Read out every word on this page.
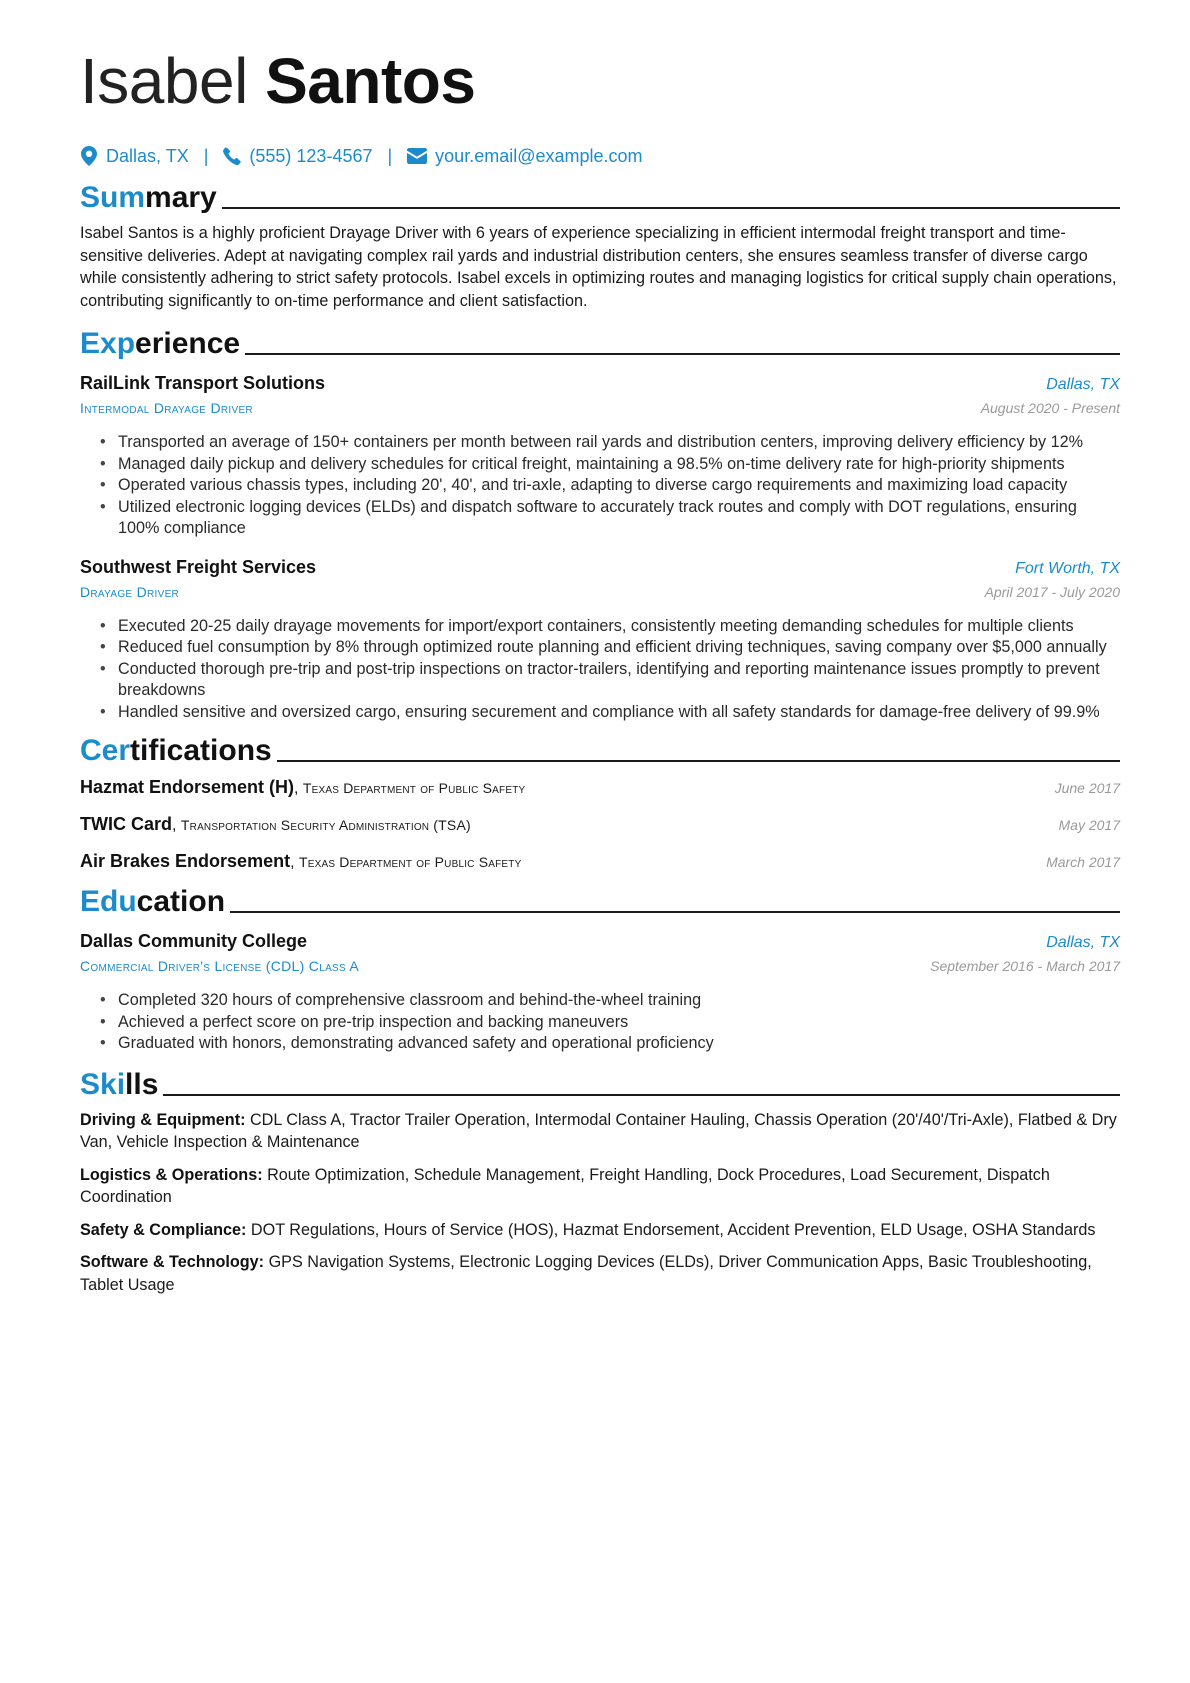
Isabel Santos
Dallas, TX | (555) 123-4567 | your.email@example.com
Summary
Isabel Santos is a highly proficient Drayage Driver with 6 years of experience specializing in efficient intermodal freight transport and time-sensitive deliveries. Adept at navigating complex rail yards and industrial distribution centers, she ensures seamless transfer of diverse cargo while consistently adhering to strict safety protocols. Isabel excels in optimizing routes and managing logistics for critical supply chain operations, contributing significantly to on-time performance and client satisfaction.
Experience
RailLink Transport Solutions	Dallas, TX
Intermodal Drayage Driver	August 2020 - Present
• Transported an average of 150+ containers per month between rail yards and distribution centers, improving delivery efficiency by 12%
• Managed daily pickup and delivery schedules for critical freight, maintaining a 98.5% on-time delivery rate for high-priority shipments
• Operated various chassis types, including 20', 40', and tri-axle, adapting to diverse cargo requirements and maximizing load capacity
• Utilized electronic logging devices (ELDs) and dispatch software to accurately track routes and comply with DOT regulations, ensuring 100% compliance
Southwest Freight Services	Fort Worth, TX
Drayage Driver	April 2017 - July 2020
• Executed 20-25 daily drayage movements for import/export containers, consistently meeting demanding schedules for multiple clients
• Reduced fuel consumption by 8% through optimized route planning and efficient driving techniques, saving company over $5,000 annually
• Conducted thorough pre-trip and post-trip inspections on tractor-trailers, identifying and reporting maintenance issues promptly to prevent breakdowns
• Handled sensitive and oversized cargo, ensuring securement and compliance with all safety standards for damage-free delivery of 99.9%
Certifications
Hazmat Endorsement (H), Texas Department of Public Safety	June 2017
TWIC Card, Transportation Security Administration (TSA)	May 2017
Air Brakes Endorsement, Texas Department of Public Safety	March 2017
Education
Dallas Community College	Dallas, TX
Commercial Driver's License (CDL) Class A	September 2016 - March 2017
• Completed 320 hours of comprehensive classroom and behind-the-wheel training
• Achieved a perfect score on pre-trip inspection and backing maneuvers
• Graduated with honors, demonstrating advanced safety and operational proficiency
Skills
Driving & Equipment: CDL Class A, Tractor Trailer Operation, Intermodal Container Hauling, Chassis Operation (20'/40'/Tri-Axle), Flatbed & Dry Van, Vehicle Inspection & Maintenance
Logistics & Operations: Route Optimization, Schedule Management, Freight Handling, Dock Procedures, Load Securement, Dispatch Coordination
Safety & Compliance: DOT Regulations, Hours of Service (HOS), Hazmat Endorsement, Accident Prevention, ELD Usage, OSHA Standards
Software & Technology: GPS Navigation Systems, Electronic Logging Devices (ELDs), Driver Communication Apps, Basic Troubleshooting, Tablet Usage
